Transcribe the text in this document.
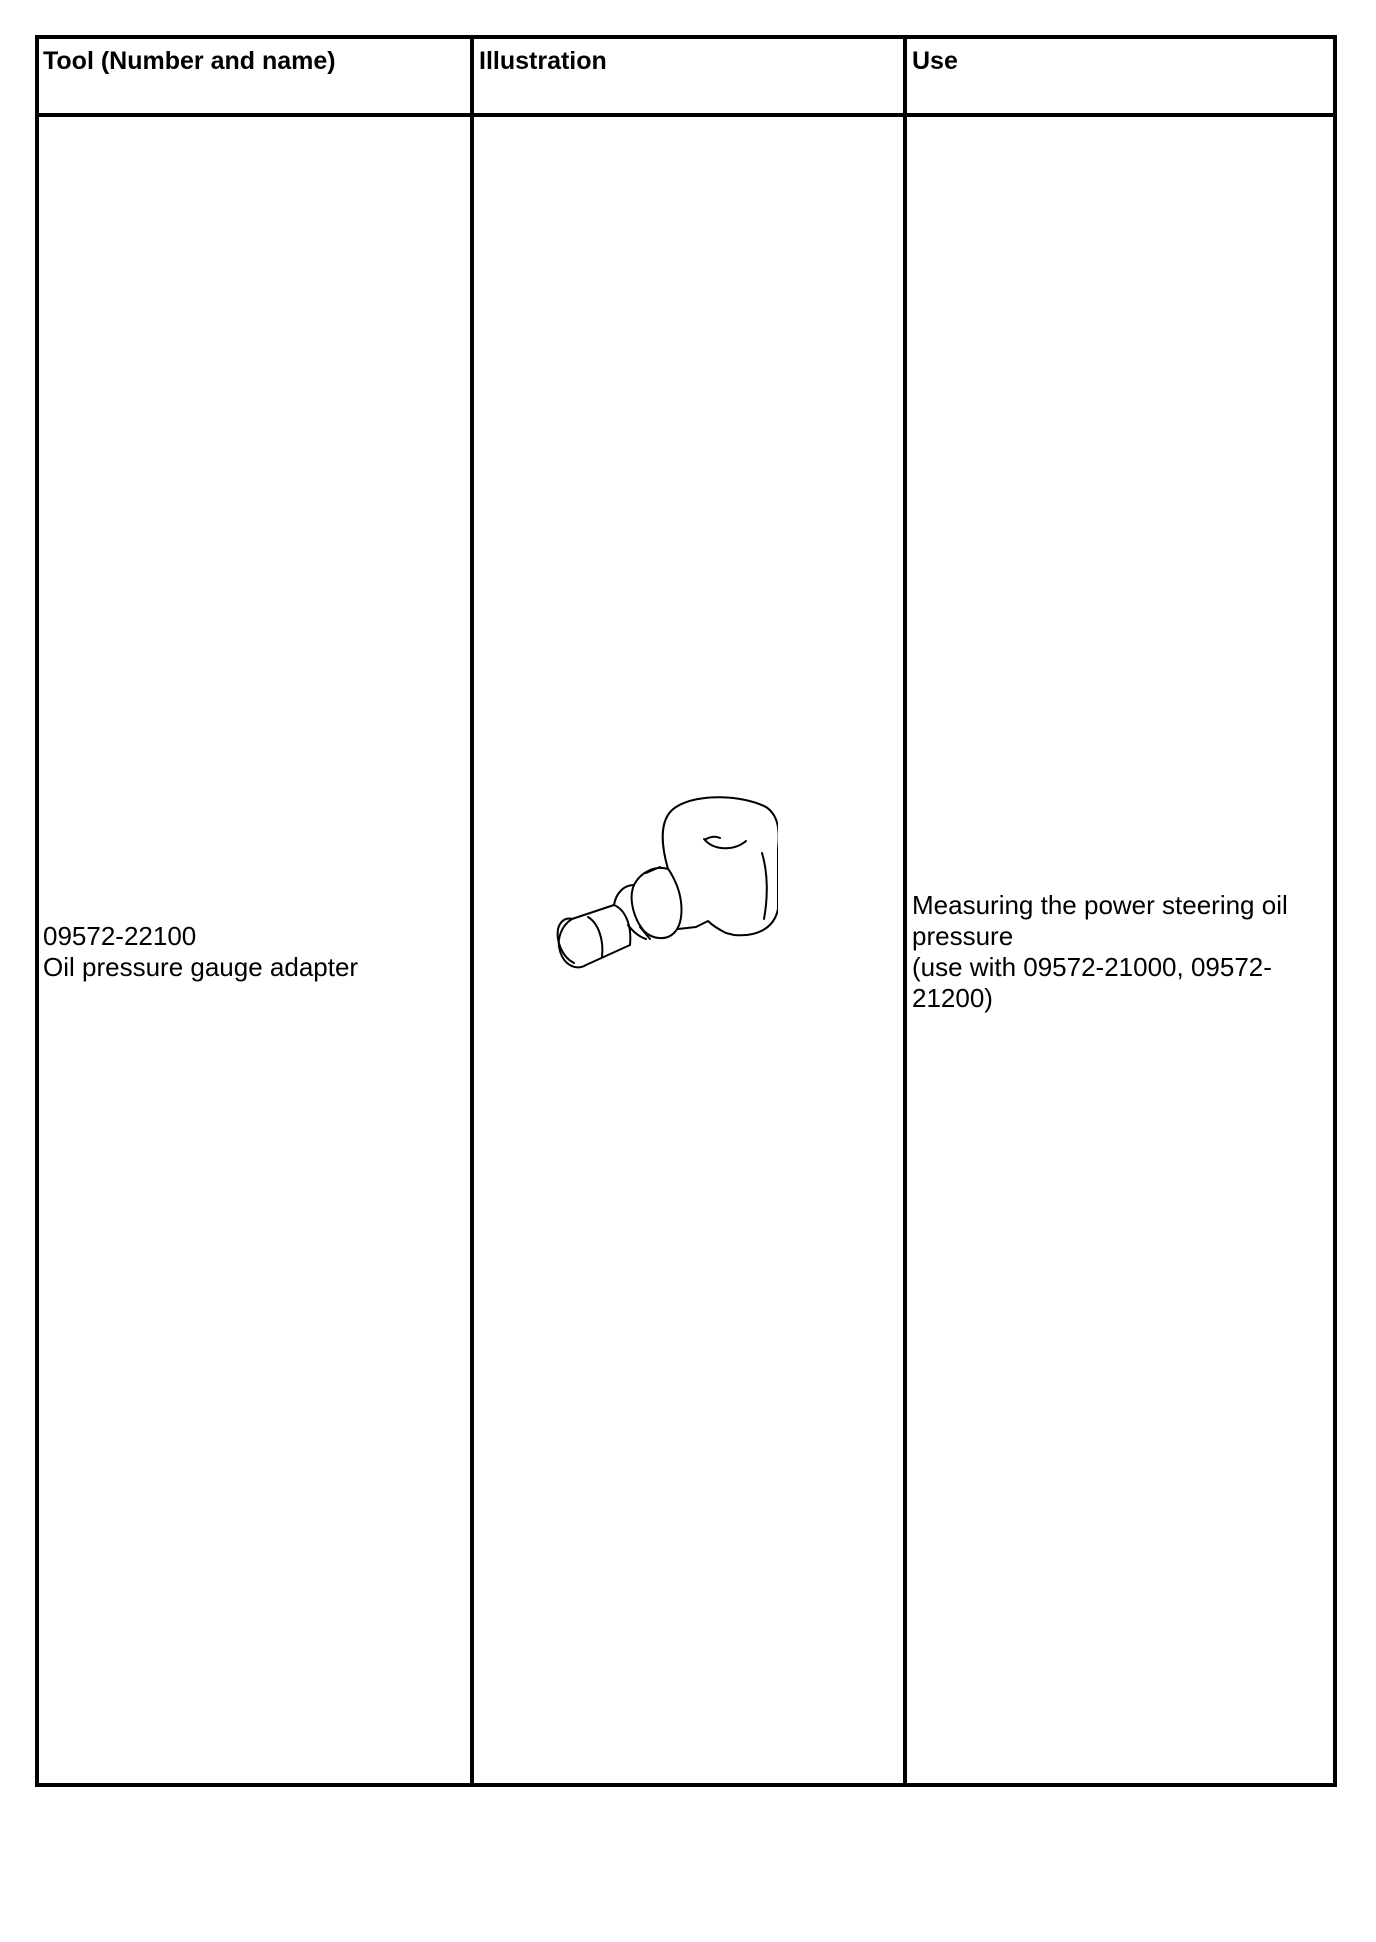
Tool (Number and name)	Illustration	Use
09572-22100
Oil pressure gauge adapter
Measuring the power steering oil
pressure
(use with 09572-21000, 09572-
21200)
